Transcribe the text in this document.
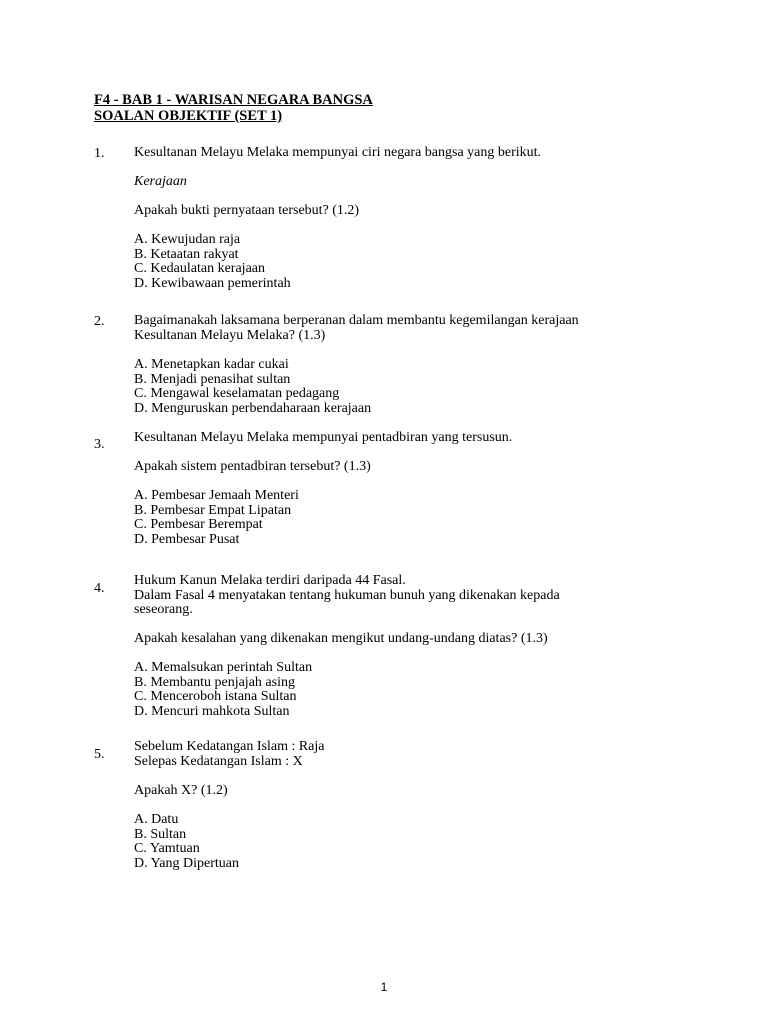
F4 - BAB 1 - WARISAN NEGARA BANGSA
SOALAN OBJEKTIF (SET 1)
1. Kesultanan Melayu Melaka mempunyai ciri negara bangsa yang berikut.
Kerajaan
Apakah bukti pernyataan tersebut? (1.2)
A. Kewujudan raja
B. Ketaatan rakyat
C. Kedaulatan kerajaan
D. Kewibawaan pemerintah
2. Bagaimanakah laksamana berperanan dalam membantu kegemilangan kerajaan
Kesultanan Melayu Melaka? (1.3)
A. Menetapkan kadar cukai
B. Menjadi penasihat sultan
C. Mengawal keselamatan pedagang
D. Menguruskan perbendaharaan kerajaan
3. Kesultanan Melayu Melaka mempunyai pentadbiran yang tersusun.
Apakah sistem pentadbiran tersebut? (1.3)
A. Pembesar Jemaah Menteri
B. Pembesar Empat Lipatan
C. Pembesar Berempat
D. Pembesar Pusat
4.
Hukum Kanun Melaka terdiri daripada 44 Fasal.
Dalam Fasal 4 menyatakan tentang hukuman bunuh yang dikenakan kepada
seseorang.
Apakah kesalahan yang dikenakan mengikut undang-undang diatas? (1.3)
A. Memalsukan perintah Sultan
B. Membantu penjajah asing
C. Menceroboh istana Sultan
D. Mencuri mahkota Sultan
5.
Sebelum Kedatangan Islam : Raja
Selepas Kedatangan Islam : X
Apakah X? (1.2)
A. Datu
B. Sultan
C. Yamtuan
D. Yang Dipertuan
1
